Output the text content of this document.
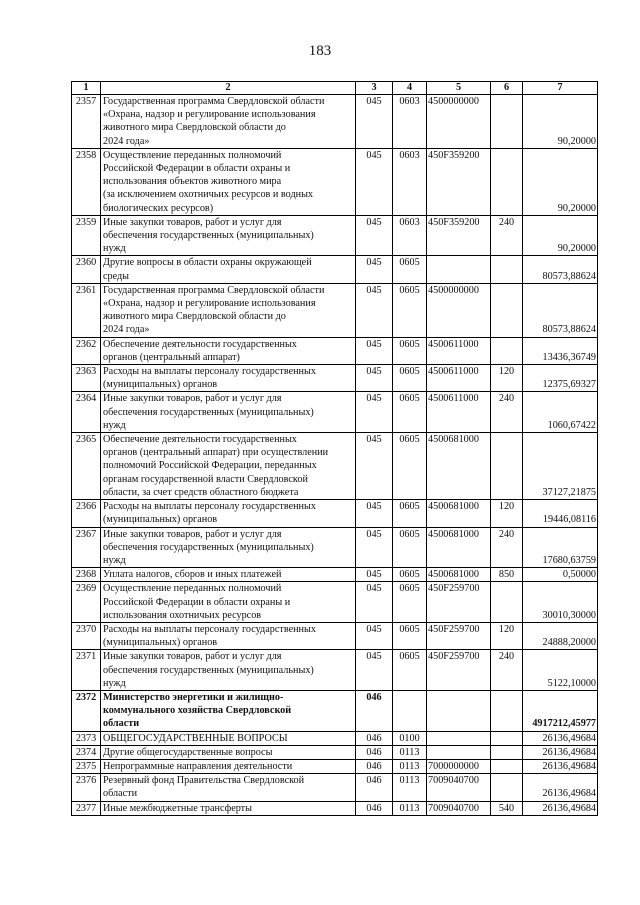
183
1	2	3	4	5	6	7
2357	Государственная программа Свердловской области
«Охрана, надзор и регулирование использования
животного мира Свердловской области до
2024 года»	045	0603	4500000000		90,20000
2358	Осуществление переданных полномочий
Российской Федерации в области охраны и
использования объектов животного мира
(за исключением охотничьих ресурсов и водных
биологических ресурсов)	045	0603	450F359200		90,20000
2359	Иные закупки товаров, работ и услуг для
обеспечения государственных (муниципальных)
нужд	045	0603	450F359200	240	90,20000
2360	Другие вопросы в области охраны окружающей
среды	045	0605			80573,88624
2361	Государственная программа Свердловской области
«Охрана, надзор и регулирование использования
животного мира Свердловской области до
2024 года»	045	0605	4500000000		80573,88624
2362	Обеспечение деятельности государственных
органов (центральный аппарат)	045	0605	4500611000		13436,36749
2363	Расходы на выплаты персоналу государственных
(муниципальных) органов	045	0605	4500611000	120	12375,69327
2364	Иные закупки товаров, работ и услуг для
обеспечения государственных (муниципальных)
нужд	045	0605	4500611000	240	1060,67422
2365	Обеспечение деятельности государственных
органов (центральный аппарат) при осуществлении
полномочий Российской Федерации, переданных
органам государственной власти Свердловской
области, за счет средств областного бюджета	045	0605	4500681000		37127,21875
2366	Расходы на выплаты персоналу государственных
(муниципальных) органов	045	0605	4500681000	120	19446,08116
2367	Иные закупки товаров, работ и услуг для
обеспечения государственных (муниципальных)
нужд	045	0605	4500681000	240	17680,63759
2368	Уплата налогов, сборов и иных платежей	045	0605	4500681000	850	0,50000
2369	Осуществление переданных полномочий
Российской Федерации в области охраны и
использования охотничьих ресурсов	045	0605	450F259700		30010,30000
2370	Расходы на выплаты персоналу государственных
(муниципальных) органов	045	0605	450F259700	120	24888,20000
2371	Иные закупки товаров, работ и услуг для
обеспечения государственных (муниципальных)
нужд	045	0605	450F259700	240	5122,10000
2372	Министерство энергетики и жилищно-
коммунального хозяйства Свердловской
области	046				4917212,45977
2373	ОБЩЕГОСУДАРСТВЕННЫЕ ВОПРОСЫ	046	0100			26136,49684
2374	Другие общегосударственные вопросы	046	0113			26136,49684
2375	Непрограммные направления деятельности	046	0113	7000000000		26136,49684
2376	Резервный фонд Правительства Свердловской
области	046	0113	7009040700		26136,49684
2377	Иные межбюджетные трансферты	046	0113	7009040700	540	26136,49684
